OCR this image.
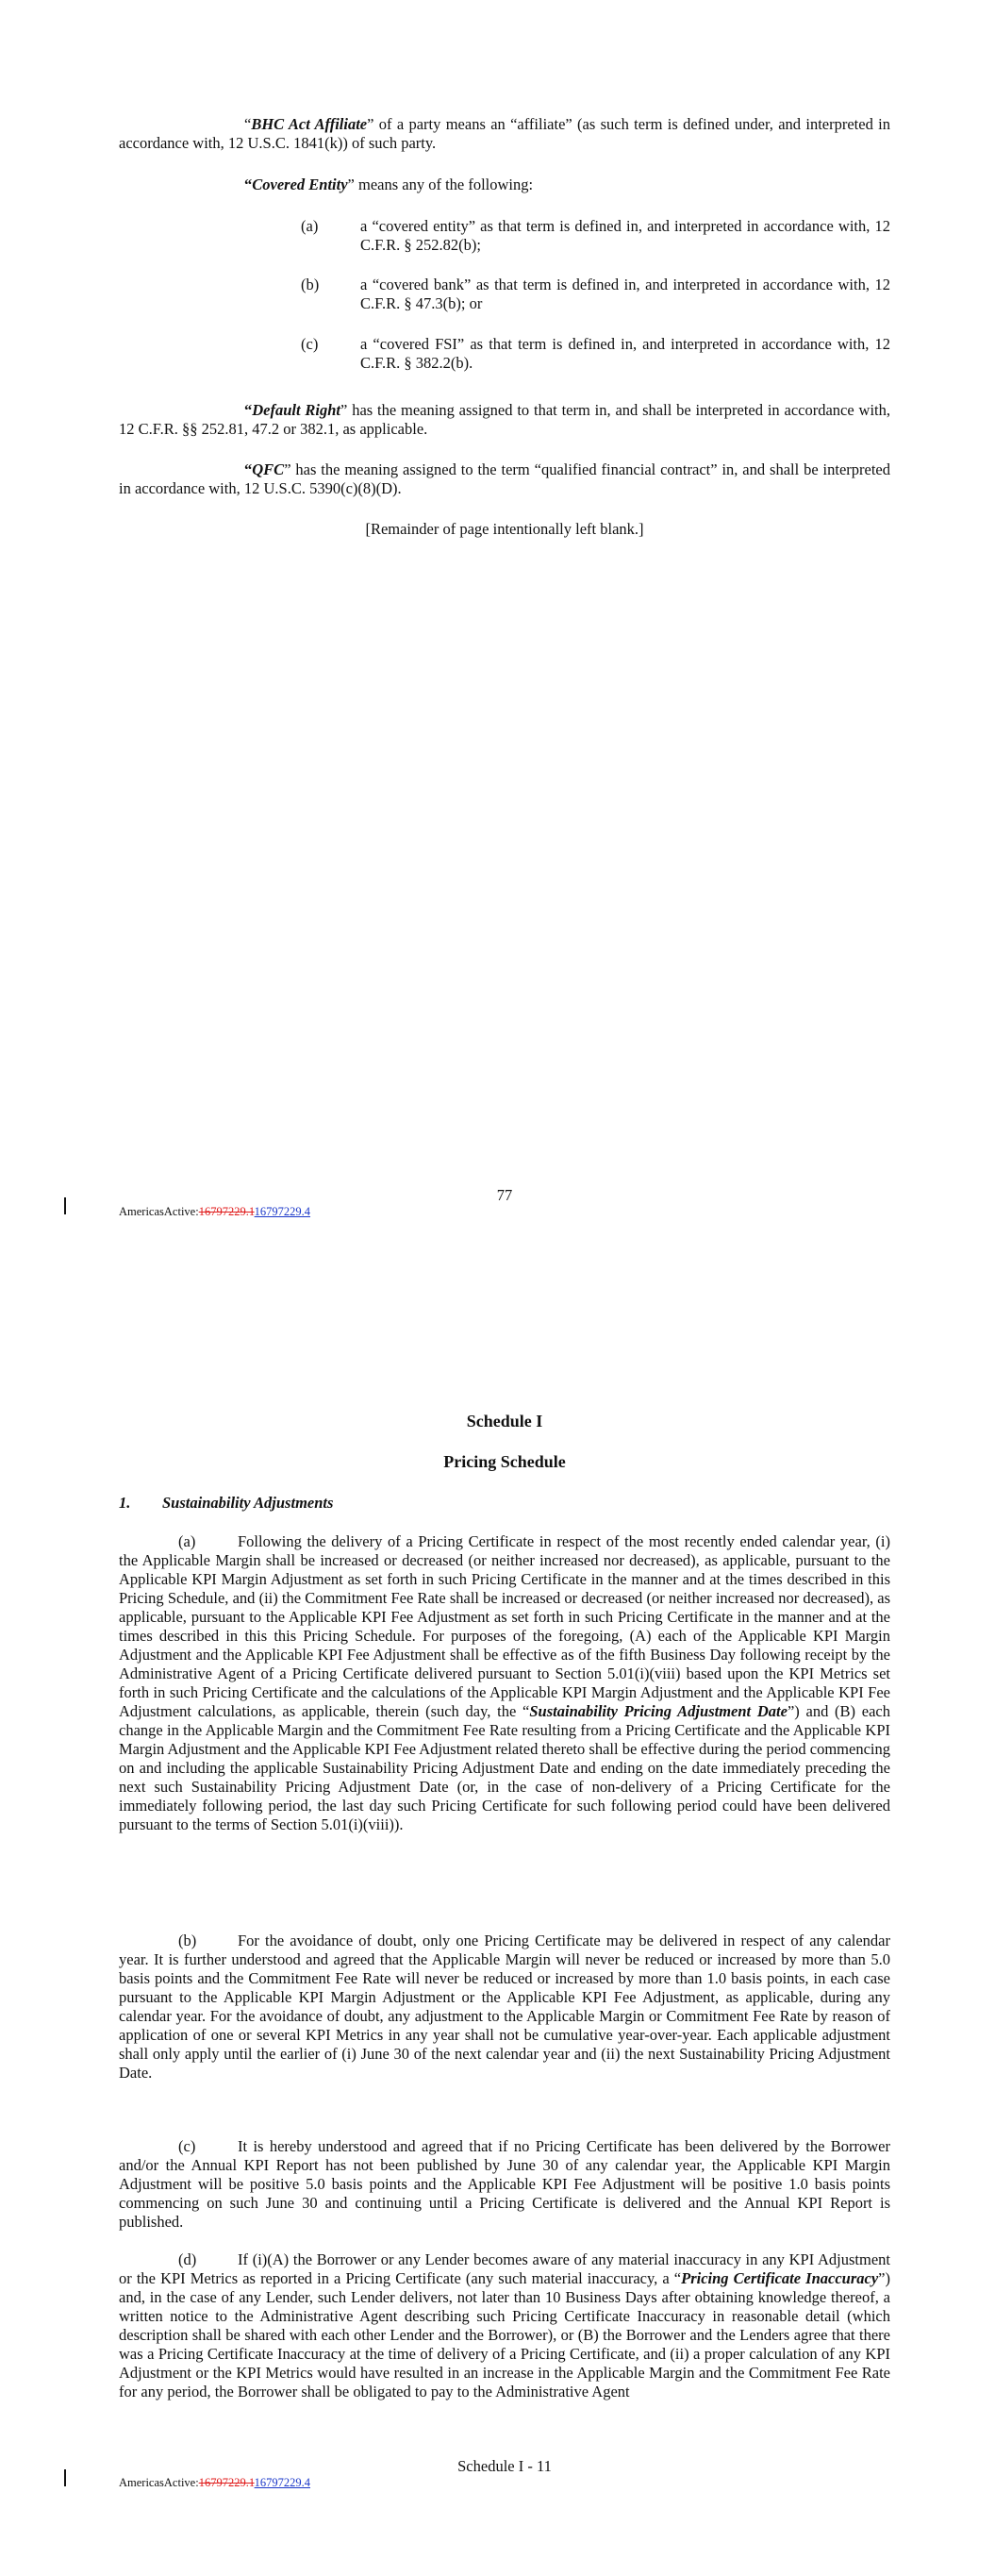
“BHC Act Affiliate” of a party means an “affiliate” (as such term is defined under, and interpreted in accordance with, 12 U.S.C. 1841(k)) of such party.
“Covered Entity” means any of the following:
(a)	a “covered entity” as that term is defined in, and interpreted in accordance with, 12 C.F.R. § 252.82(b);
(b)	a “covered bank” as that term is defined in, and interpreted in accordance with, 12 C.F.R. § 47.3(b); or
(c)	a “covered FSI” as that term is defined in, and interpreted in accordance with, 12 C.F.R. § 382.2(b).
“Default Right” has the meaning assigned to that term in, and shall be interpreted in accordance with, 12 C.F.R. §§ 252.81, 47.2 or 382.1, as applicable.
“QFC” has the meaning assigned to the term “qualified financial contract” in, and shall be interpreted in accordance with, 12 U.S.C. 5390(c)(8)(D).
[Remainder of page intentionally left blank.]
77
AmericasActive:16797229.116797229.4
Schedule I
Pricing Schedule
1. Sustainability Adjustments
(a)	Following the delivery of a Pricing Certificate in respect of the most recently ended calendar year, (i) the Applicable Margin shall be increased or decreased (or neither increased nor decreased), as applicable, pursuant to the Applicable KPI Margin Adjustment as set forth in such Pricing Certificate in the manner and at the times described in this Pricing Schedule, and (ii) the Commitment Fee Rate shall be increased or decreased (or neither increased nor decreased), as applicable, pursuant to the Applicable KPI Fee Adjustment as set forth in such Pricing Certificate in the manner and at the times described in this this Pricing Schedule. For purposes of the foregoing, (A) each of the Applicable KPI Margin Adjustment and the Applicable KPI Fee Adjustment shall be effective as of the fifth Business Day following receipt by the Administrative Agent of a Pricing Certificate delivered pursuant to Section 5.01(i)(viii) based upon the KPI Metrics set forth in such Pricing Certificate and the calculations of the Applicable KPI Margin Adjustment and the Applicable KPI Fee Adjustment calculations, as applicable, therein (such day, the “Sustainability Pricing Adjustment Date”) and (B) each change in the Applicable Margin and the Commitment Fee Rate resulting from a Pricing Certificate and the Applicable KPI Margin Adjustment and the Applicable KPI Fee Adjustment related thereto shall be effective during the period commencing on and including the applicable Sustainability Pricing Adjustment Date and ending on the date immediately preceding the next such Sustainability Pricing Adjustment Date (or, in the case of non-delivery of a Pricing Certificate for the immediately following period, the last day such Pricing Certificate for such following period could have been delivered pursuant to the terms of Section 5.01(i)(viii)).
(b)	For the avoidance of doubt, only one Pricing Certificate may be delivered in respect of any calendar year. It is further understood and agreed that the Applicable Margin will never be reduced or increased by more than 5.0 basis points and the Commitment Fee Rate will never be reduced or increased by more than 1.0 basis points, in each case pursuant to the Applicable KPI Margin Adjustment or the Applicable KPI Fee Adjustment, as applicable, during any calendar year. For the avoidance of doubt, any adjustment to the Applicable Margin or Commitment Fee Rate by reason of application of one or several KPI Metrics in any year shall not be cumulative year-over-year. Each applicable adjustment shall only apply until the earlier of (i) June 30 of the next calendar year and (ii) the next Sustainability Pricing Adjustment Date.
(c)	It is hereby understood and agreed that if no Pricing Certificate has been delivered by the Borrower and/or the Annual KPI Report has not been published by June 30 of any calendar year, the Applicable KPI Margin Adjustment will be positive 5.0 basis points and the Applicable KPI Fee Adjustment will be positive 1.0 basis points commencing on such June 30 and continuing until a Pricing Certificate is delivered and the Annual KPI Report is published.
(d)	If (i)(A) the Borrower or any Lender becomes aware of any material inaccuracy in any KPI Adjustment or the KPI Metrics as reported in a Pricing Certificate (any such material inaccuracy, a “Pricing Certificate Inaccuracy”) and, in the case of any Lender, such Lender delivers, not later than 10 Business Days after obtaining knowledge thereof, a written notice to the Administrative Agent describing such Pricing Certificate Inaccuracy in reasonable detail (which description shall be shared with each other Lender and the Borrower), or (B) the Borrower and the Lenders agree that there was a Pricing Certificate Inaccuracy at the time of delivery of a Pricing Certificate, and (ii) a proper calculation of any KPI Adjustment or the KPI Metrics would have resulted in an increase in the Applicable Margin and the Commitment Fee Rate for any period, the Borrower shall be obligated to pay to the Administrative Agent
Schedule I - 11
AmericasActive:16797229.116797229.4
